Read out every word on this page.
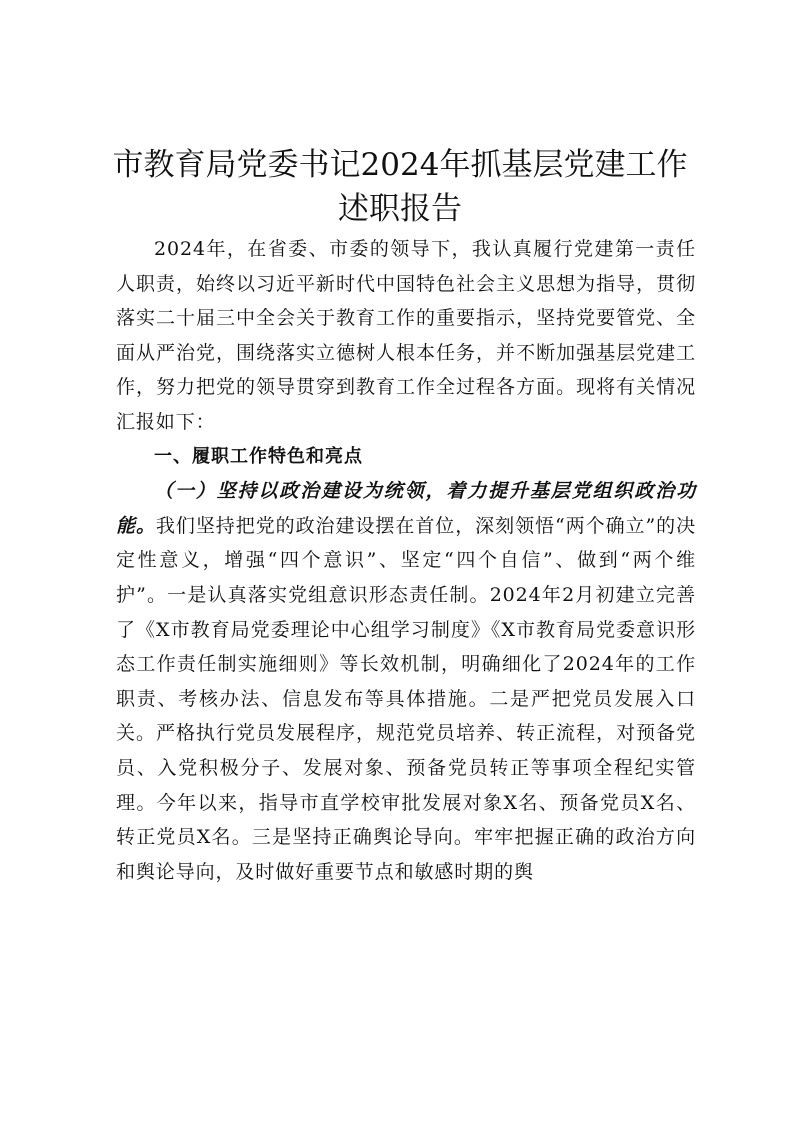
市教育局党委书记2024年抓基层党建工作述职报告

2024年，在省委、市委的领导下，我认真履行党建第一责任人职责，始终以习近平新时代中国特色社会主义思想为指导，贯彻落实二十届三中全会关于教育工作的重要指示，坚持党要管党、全面从严治党，围绕落实立德树人根本任务，并不断加强基层党建工作，努力把党的领导贯穿到教育工作全过程各方面。现将有关情况汇报如下：

一、履职工作特色和亮点

（一）坚持以政治建设为统领，着力提升基层党组织政治功能。我们坚持把党的政治建设摆在首位，深刻领悟“两个确立”的决定性意义，增强“四个意识”、坚定“四个自信”、做到“两个维护”。一是认真落实党组意识形态责任制。2024年2月初建立完善了《X市教育局党委理论中心组学习制度》《X市教育局党委意识形态工作责任制实施细则》等长效机制，明确细化了2024年的工作职责、考核办法、信息发布等具体措施。二是严把党员发展入口关。严格执行党员发展程序，规范党员培养、转正流程，对预备党员、入党积极分子、发展对象、预备党员转正等事项全程纪实管理。今年以来，指导市直学校审批发展对象X名、预备党员X名、转正党员X名。三是坚持正确舆论导向。牢牢把握正确的政治方向和舆论导向，及时做好重要节点和敏感时期的舆
